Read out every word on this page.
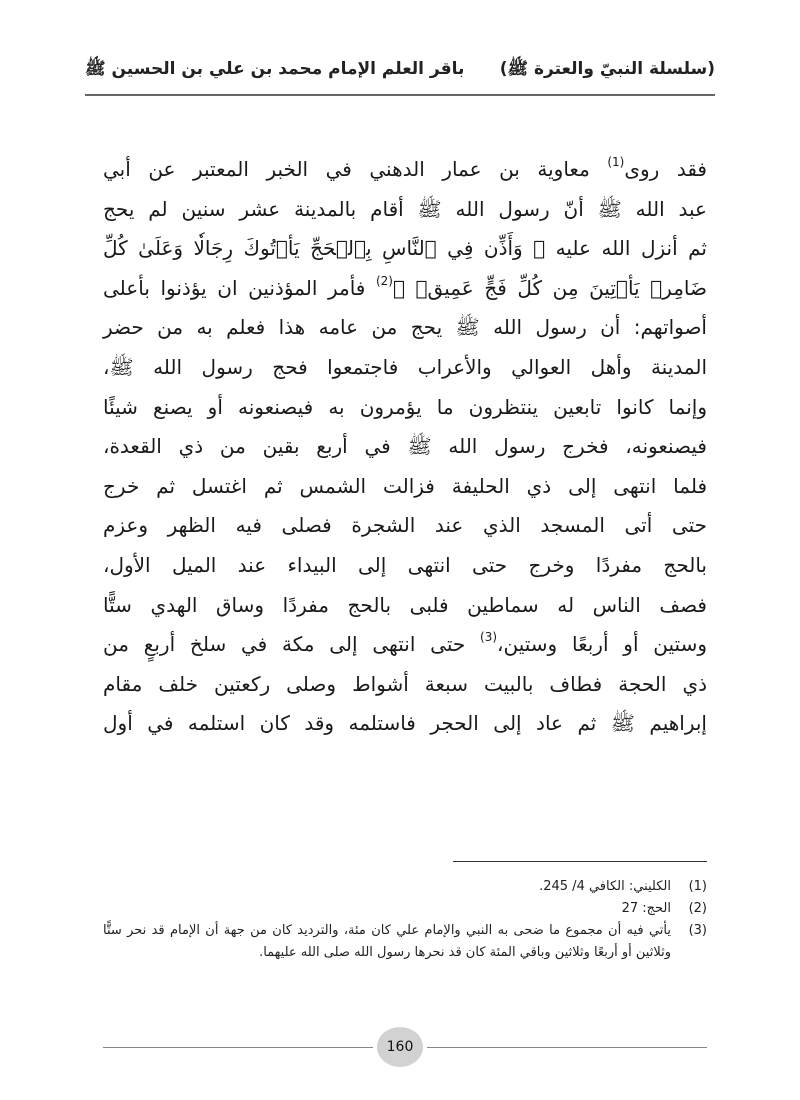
(سلسلة النبيّ والعترة ﷺ)
باقر العلم الإمام محمد بن علي بن الحسين ﷺ
فقد روى$^{(1)}$ معاوية بن عمار الدهني في الخبر المعتبر عن أبي
عبد الله ﷺ أنّ رسول الله ﷺ أقام بالمدينة عشر سنين لم يحج
ثم أنزل الله عليه ﴿ وَأَذِّن فِي ٱلنَّاسِ بِٱلۡحَجِّ يَأۡتُوكَ رِجَالٗا وَعَلَىٰ كُلِّ
ضَامِرٖ يَأۡتِينَ مِن كُلِّ فَجٍّ عَمِيقٖ ﴾$^{(2)}$ فأمر المؤذنين ان يؤذنوا بأعلى
أصواتهم: أن رسول الله ﷺ يحج من عامه هذا فعلم به من حضر
المدينة وأهل العوالي والأعراب فاجتمعوا فحج رسول الله ﷺ،
وإنما كانوا تابعين ينتظرون ما يؤمرون به فيصنعونه أو يصنع شيئًا
فيصنعونه، فخرج رسول الله ﷺ في أربع بقين من ذي القعدة،
فلما انتهى إلى ذي الحليفة فزالت الشمس ثم اغتسل ثم خرج
حتى أتى المسجد الذي عند الشجرة فصلى فيه الظهر وعزم
بالحج مفردًا وخرج حتى انتهى إلى البيداء عند الميل الأول،
فصف الناس له سماطين فلبى بالحج مفردًا وساق الهدي ستًّا
وستين أو أربعًا وستين،$^{(3)}$ حتى انتهى إلى مكة في سلخ أربعٍ من
ذي الحجة فطاف بالبيت سبعة أشواط وصلى ركعتين خلف مقام
إبراهيم ﷺ ثم عاد إلى الحجر فاستلمه وقد كان استلمه في أول
(1)
الكليني: الكافي 4/ 245.
(2)
الحج: 27
(3)
يأتي فيه أن مجموع ما ضحى به النبي والإمام علي كان مئة، والترديد كان من جهة أن الإمام قد نحر ستًّا وثلاثين أو أربعًا وثلاثين وباقي المئة كان قد نحرها رسول الله صلى الله عليهما.
160
